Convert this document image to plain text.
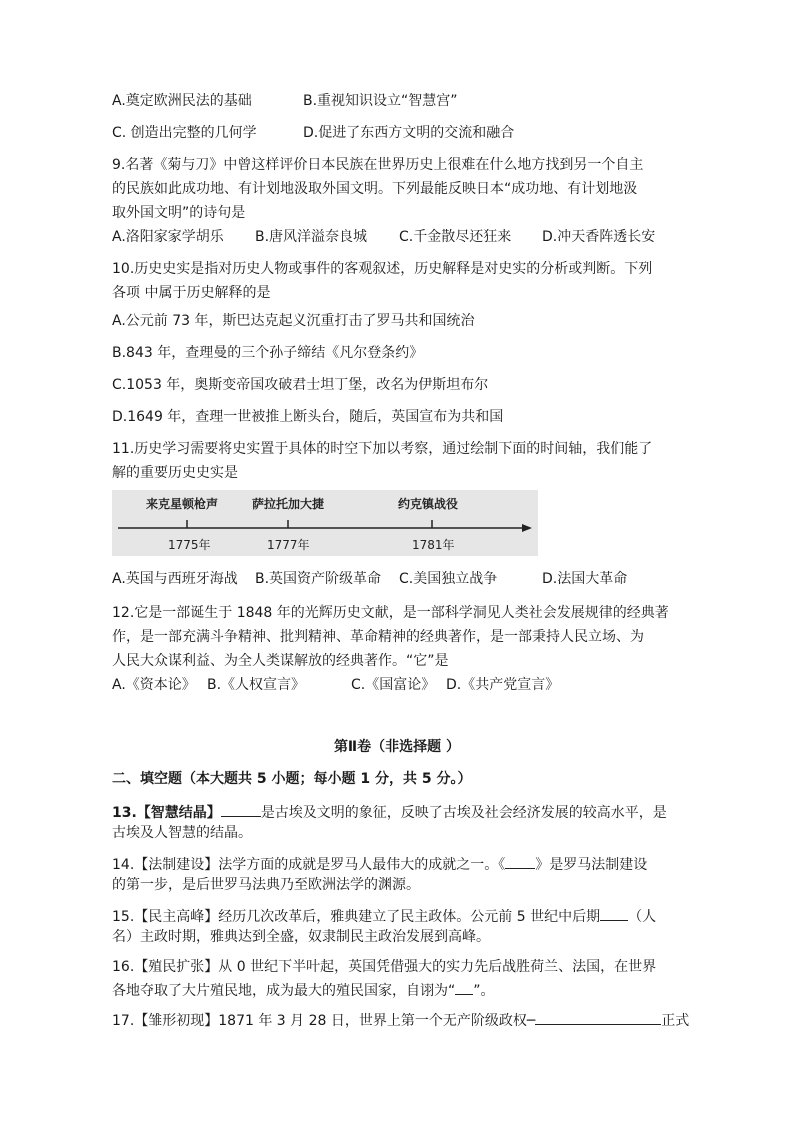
A.奠定欧洲民法的基础	B.重视知识设立“智慧宫”
C. 创造出完整的几何学	D.促进了东西方文明的交流和融合
9.名著《菊与刀》中曾这样评价日本民族在世界历史上很难在什么地方找到另一个自主
的民族如此成功地、有计划地汲取外国文明。下列最能反映日本“成功地、有计划地汲
取外国文明”的诗句是
A.洛阳家家学胡乐 B.唐风洋溢奈良城 C.千金散尽还狂来 D.冲天香阵透长安
10.历史史实是指对历史人物或事件的客观叙述，历史解释是对史实的分析或判断。下列
各项 中属于历史解释的是
A.公元前 73 年，斯巴达克起义沉重打击了罗马共和国统治
B.843 年，查理曼的三个孙子缔结《凡尔登条约》
C.1053 年，奥斯变帝国攻破君士坦丁堡，改名为伊斯坦布尔
D.1649 年，查理一世被推上断头台，随后，英国宣布为共和国
11.历史学习需要将史实置于具体的时空下加以考察，通过绘制下面的时间轴，我们能了
解的重要历史史实是
来克星顿枪声	萨拉托加大捷	约克镇战役
1775年	1777年	1781年
A.英国与西班牙海战 B.英国资产阶级革命 C.美国独立战争	D.法国大革命
12.它是一部诞生于 1848 年的光辉历史文献，是一部科学洞见人类社会发展规律的经典著
作，是一部充满斗争精神、批判精神、革命精神的经典著作，是一部秉持人民立场、为
人民大众谋利益、为全人类谋解放的经典著作。“它”是
A.《资本论》 B.《人权宣言》	C.《国富论》 D.《共产党宣言》
第Ⅱ卷（非选择题 ）
二、填空题（本大题共 5 小题；每小题 1 分，共 5 分。）
13.【智慧结晶】	是古埃及文明的象征，反映了古埃及社会经济发展的较高水平，是
古埃及人智慧的结晶。
14.【法制建设】法学方面的成就是罗马人最伟大的成就之一。《 》是罗马法制建设
的第一步，是后世罗马法典乃至欧洲法学的渊源。
15.【民主高峰】经历几次改革后，雅典建立了民主政体。公元前 5 世纪中后期 （人
名）主政时期，雅典达到全盛，奴隶制民主政治发展到高峰。
16.【殖民扩张】从 0 世纪下半叶起，英国凭借强大的实力先后战胜荷兰、法国，在世界
各地夺取了大片殖民地，成为最大的殖民国家，自诩为“ ”。
17.【雏形初现】1871 年 3 月 28 日，世界上第一个无产阶级政权─	正式
